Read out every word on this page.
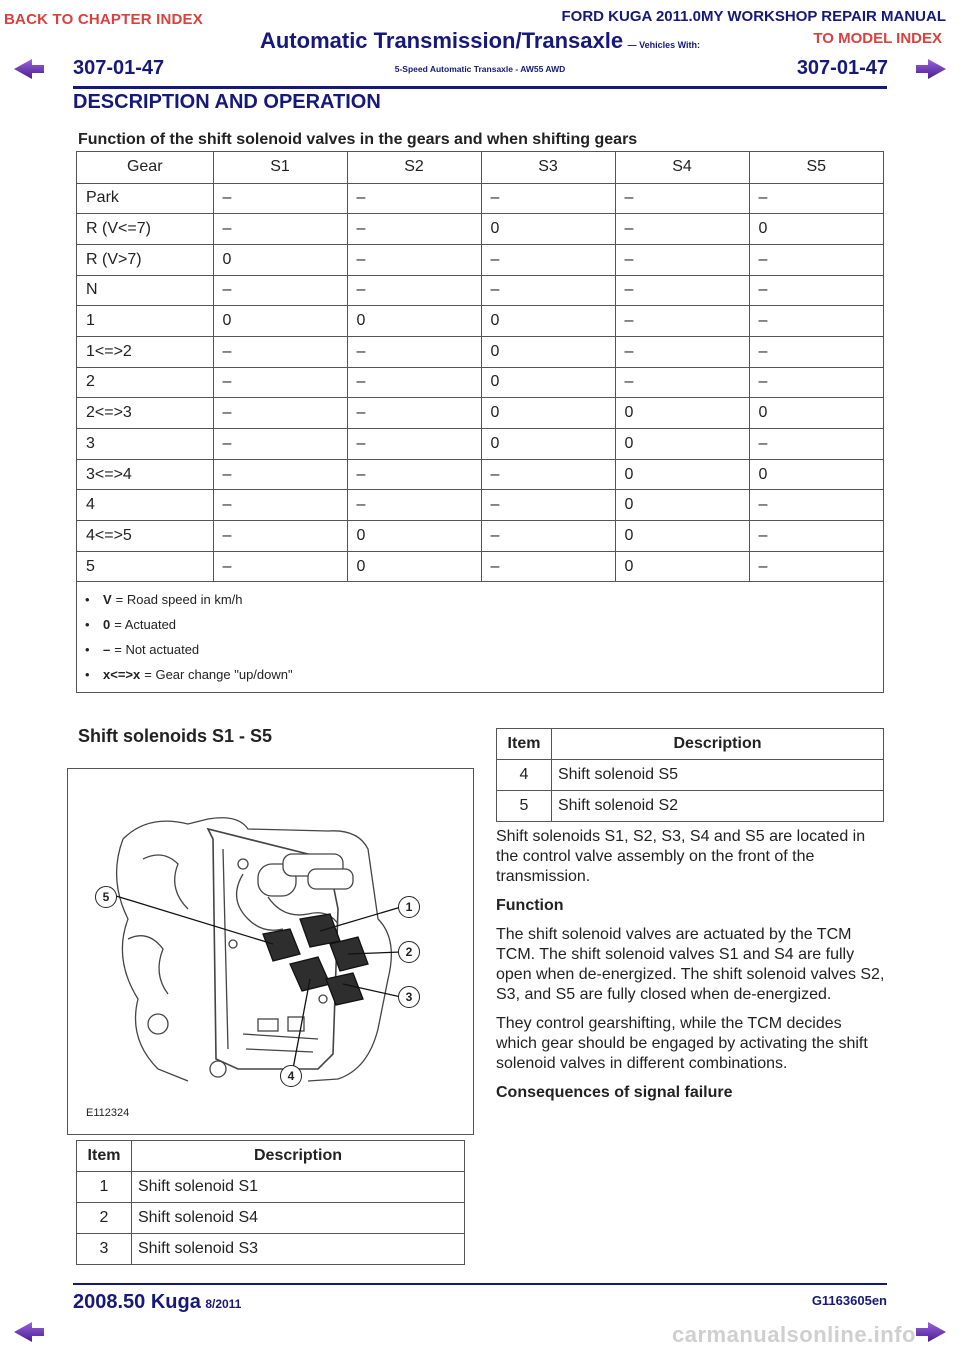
BACK TO CHAPTER INDEX	FORD KUGA 2011.0MY WORKSHOP REPAIR MANUAL
TO MODEL INDEX
Automatic Transmission/Transaxle — Vehicles With:
5-Speed Automatic Transaxle - AW55 AWD
307-01-47	307-01-47
DESCRIPTION AND OPERATION
Function of the shift solenoid valves in the gears and when shifting gears
Gear	S1	S2	S3	S4	S5
Park	–	–	–	–	–
R (V<=7)	–	–	0	–	0
R (V>7)	0	–	–	–	–
N	–	–	–	–	–
1	0	0	0	–	–
1<=>2	–	–	0	–	–
2	–	–	0	–	–
2<=>3	–	–	0	0	0
3	–	–	0	0	–
3<=>4	–	–	–	0	0
4	–	–	–	0	–
4<=>5	–	0	–	0	–
5	–	0	–	0	–
•	V = Road speed in km/h
•	0 = Actuated
•	– = Not actuated
•	x<=>x = Gear change "up/down"
Shift solenoids S1 - S5
5
1
2
3
4
E112324
Item	Description
1	Shift solenoid S1
2	Shift solenoid S4
3	Shift solenoid S3
Item	Description
4	Shift solenoid S5
5	Shift solenoid S2

Shift solenoids S1, S2, S3, S4 and S5 are located in the control valve assembly on the front of the transmission.

Function

The shift solenoid valves are actuated by the TCM TCM. The shift solenoid valves S1 and S4 are fully open when de-energized. The shift solenoid valves S2, S3, and S5 are fully closed when de-energized.

They control gearshifting, while the TCM decides which gear should be engaged by activating the shift solenoid valves in different combinations.

Consequences of signal failure
2008.50 Kuga 8/2011	G1163605en
carmanualsonline.info
